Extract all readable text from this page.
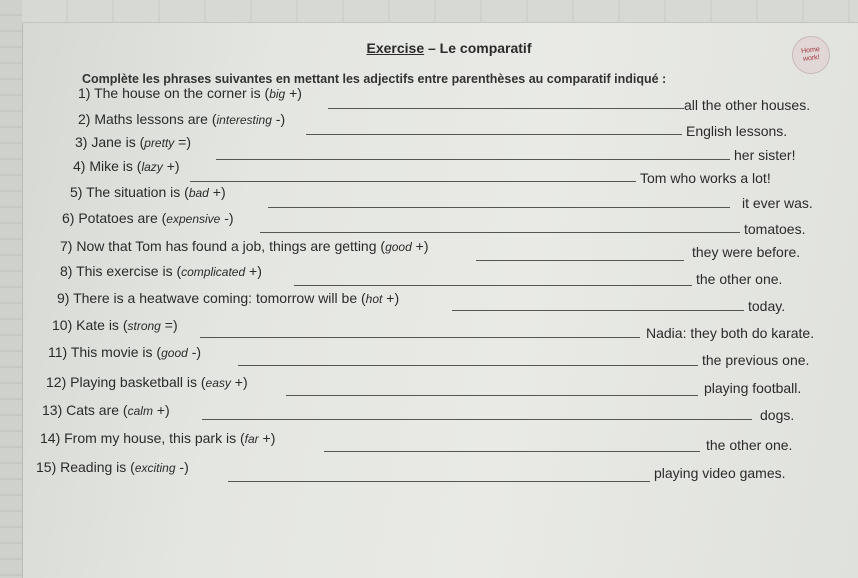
Exercise – Le comparatif	Home work!
Complète les phrases suivantes en mettant les adjectifs entre parenthèses au comparatif indiqué :
1) The house on the corner is (big +)
all the other houses.
2) Maths lessons are (interesting -)
English lessons.
3) Jane is (pretty =)
her sister!
4) Mike is (lazy +)
Tom who works a lot!
5) The situation is (bad +)
it ever was.
6) Potatoes are (expensive -)
tomatoes.
7) Now that Tom has found a job, things are getting (good +)	they were before.
8) This exercise is (complicated +)	the other one.
9) There is a heatwave coming: tomorrow will be (hot +)	today.
10) Kate is (strong =)	Nadia: they both do karate.
11) This movie is (good -)	the previous one.
12) Playing basketball is (easy +)	playing football.
13) Cats are (calm +)	dogs.
14) From my house, this park is (far +)	the other one.
15) Reading is (exciting -)	playing video games.
